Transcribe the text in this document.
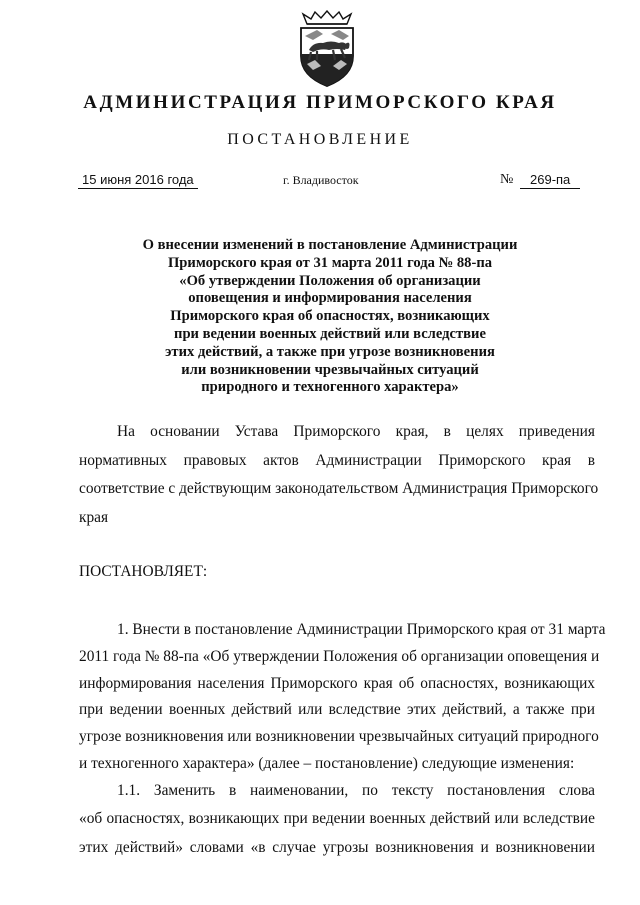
АДМИНИСТРАЦИЯ ПРИМОРСКОГО КРАЯ
ПОСТАНОВЛЕНИЕ
15 июня 2016 года	г. Владивосток	№	269-па
О внесении изменений в постановление Администрации
Приморского края от 31 марта 2011 года № 88-па
«Об утверждении Положения об организации
оповещения и информирования населения
Приморского края об опасностях, возникающих
при ведении военных действий или вследствие
этих действий, а также при угрозе возникновения
или возникновении чрезвычайных ситуаций
природного и техногенного характера»
На основании Устава Приморского края, в целях приведения
нормативных правовых актов Администрации Приморского края в
соответствие с действующим законодательством Администрация Приморского
края
ПОСТАНОВЛЯЕТ:
1. Внести в постановление Администрации Приморского края от 31 марта
2011 года № 88-па «Об утверждении Положения об организации оповещения и
информирования населения Приморского края об опасностях, возникающих
при ведении военных действий или вследствие этих действий, а также при
угрозе возникновения или возникновении чрезвычайных ситуаций природного
и техногенного характера» (далее – постановление) следующие изменения:
1.1. Заменить в наименовании, по тексту постановления слова
«об опасностях, возникающих при ведении военных действий или вследствие
этих действий» словами «в случае угрозы возникновения и возникновении
